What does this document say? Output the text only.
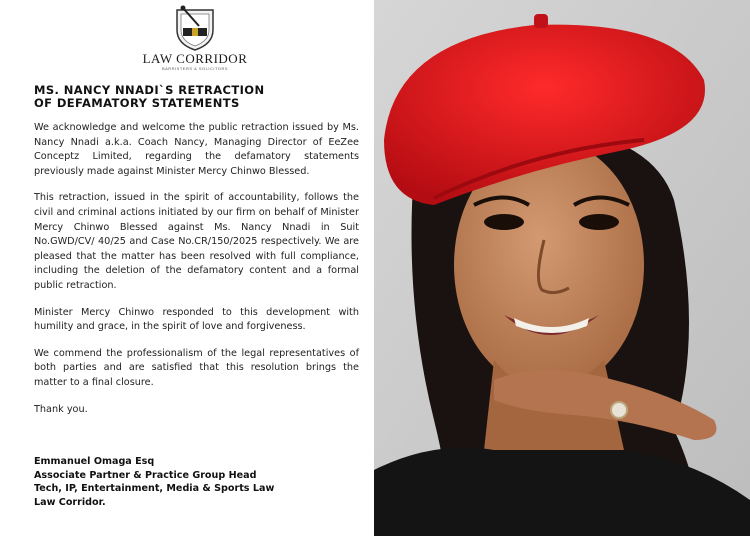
LAW CORRIDOR
BARRISTERS & SOLICITORS
MS. NANCY NNADI`S RETRACTION
OF DEFAMATORY STATEMENTS

We acknowledge and welcome the public retraction issued by Ms. Nancy Nnadi a.k.a. Coach Nancy, Managing Director of EeZee Conceptz Limited, regarding the defamatory statements previously made against Minister Mercy Chinwo Blessed.

This retraction, issued in the spirit of accountability, follows the civil and criminal actions initiated by our firm on behalf of Minister Mercy Chinwo Blessed against Ms. Nancy Nnadi in Suit No.GWD/CV/ 40/25 and Case No.CR/150/2025 respectively. We are pleased that the matter has been resolved with full compliance, including the deletion of the defamatory content and a formal public retraction.

Minister Mercy Chinwo responded to this development with humility and grace, in the spirit of love and forgiveness.

We commend the professionalism of the legal representatives of both parties and are satisfied that this resolution brings the matter to a final closure.

Thank you.

Emmanuel Omaga Esq
Associate Partner & Practice Group Head
Tech, IP, Entertainment, Media & Sports Law
Law Corridor.
